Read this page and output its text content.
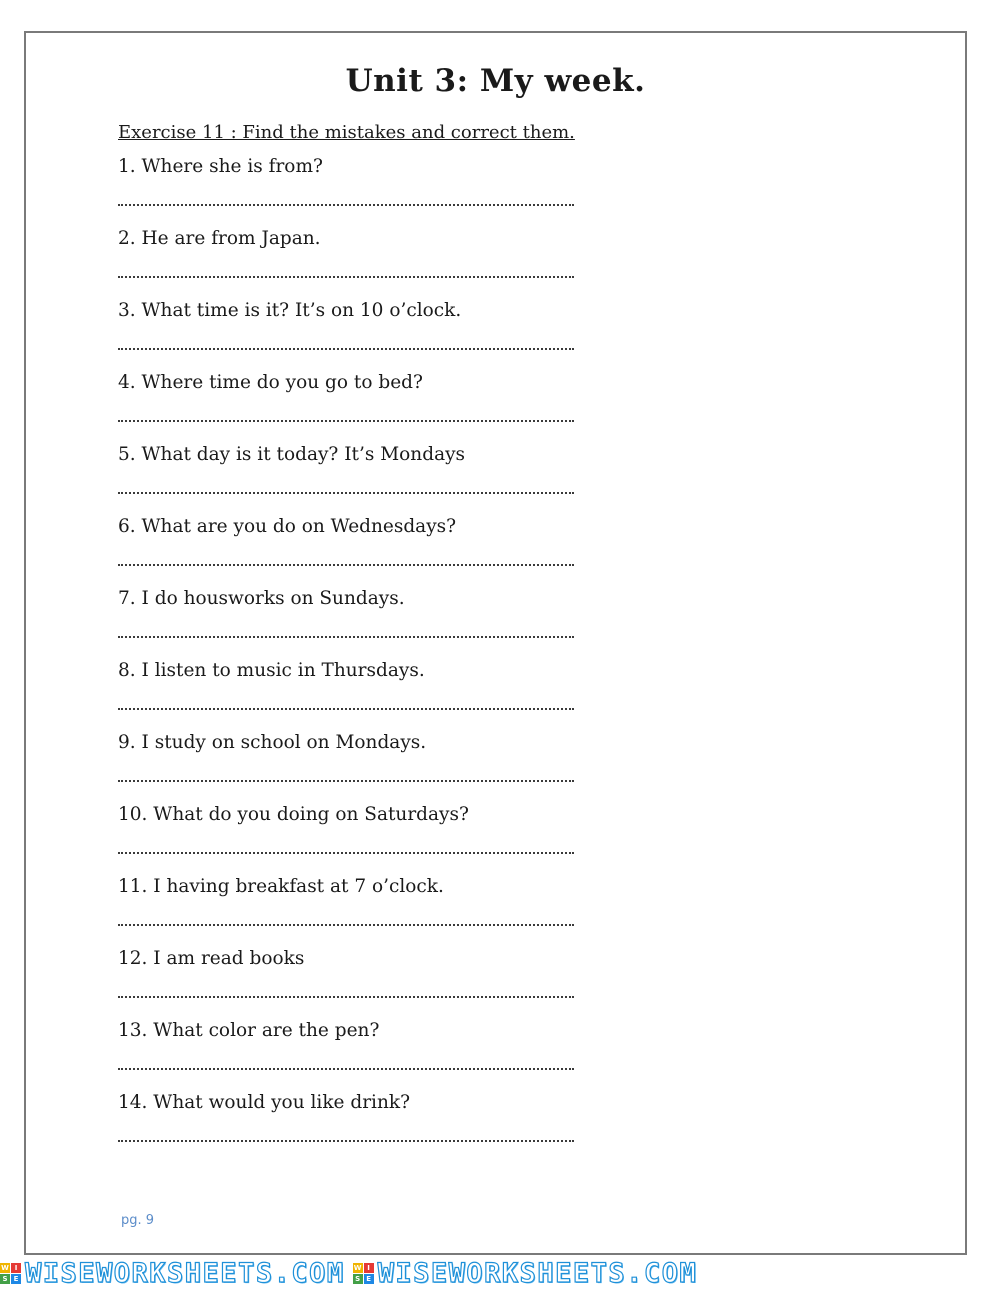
Unit 3: My week.
Exercise 11 : Find the mistakes and correct them.
1. Where she is from?
2. He are from Japan.
3. What time is it? It’s on 10 o’clock.
4. Where time do you go to bed?
5. What day is it today? It’s Mondays
6. What are you do on Wednesdays?
7. I do housworks on Sundays.
8. I listen to music in Thursdays.
9. I study on school on Mondays.
10. What do you doing on Saturdays?
11. I having breakfast at 7 o’clock.
12. I am read books
13. What color are the pen?
14. What would you like drink?
pg. 9
W I
S E WISEWORKSHEETS.COM W I
S E WISEWORKSHEETS.COM
